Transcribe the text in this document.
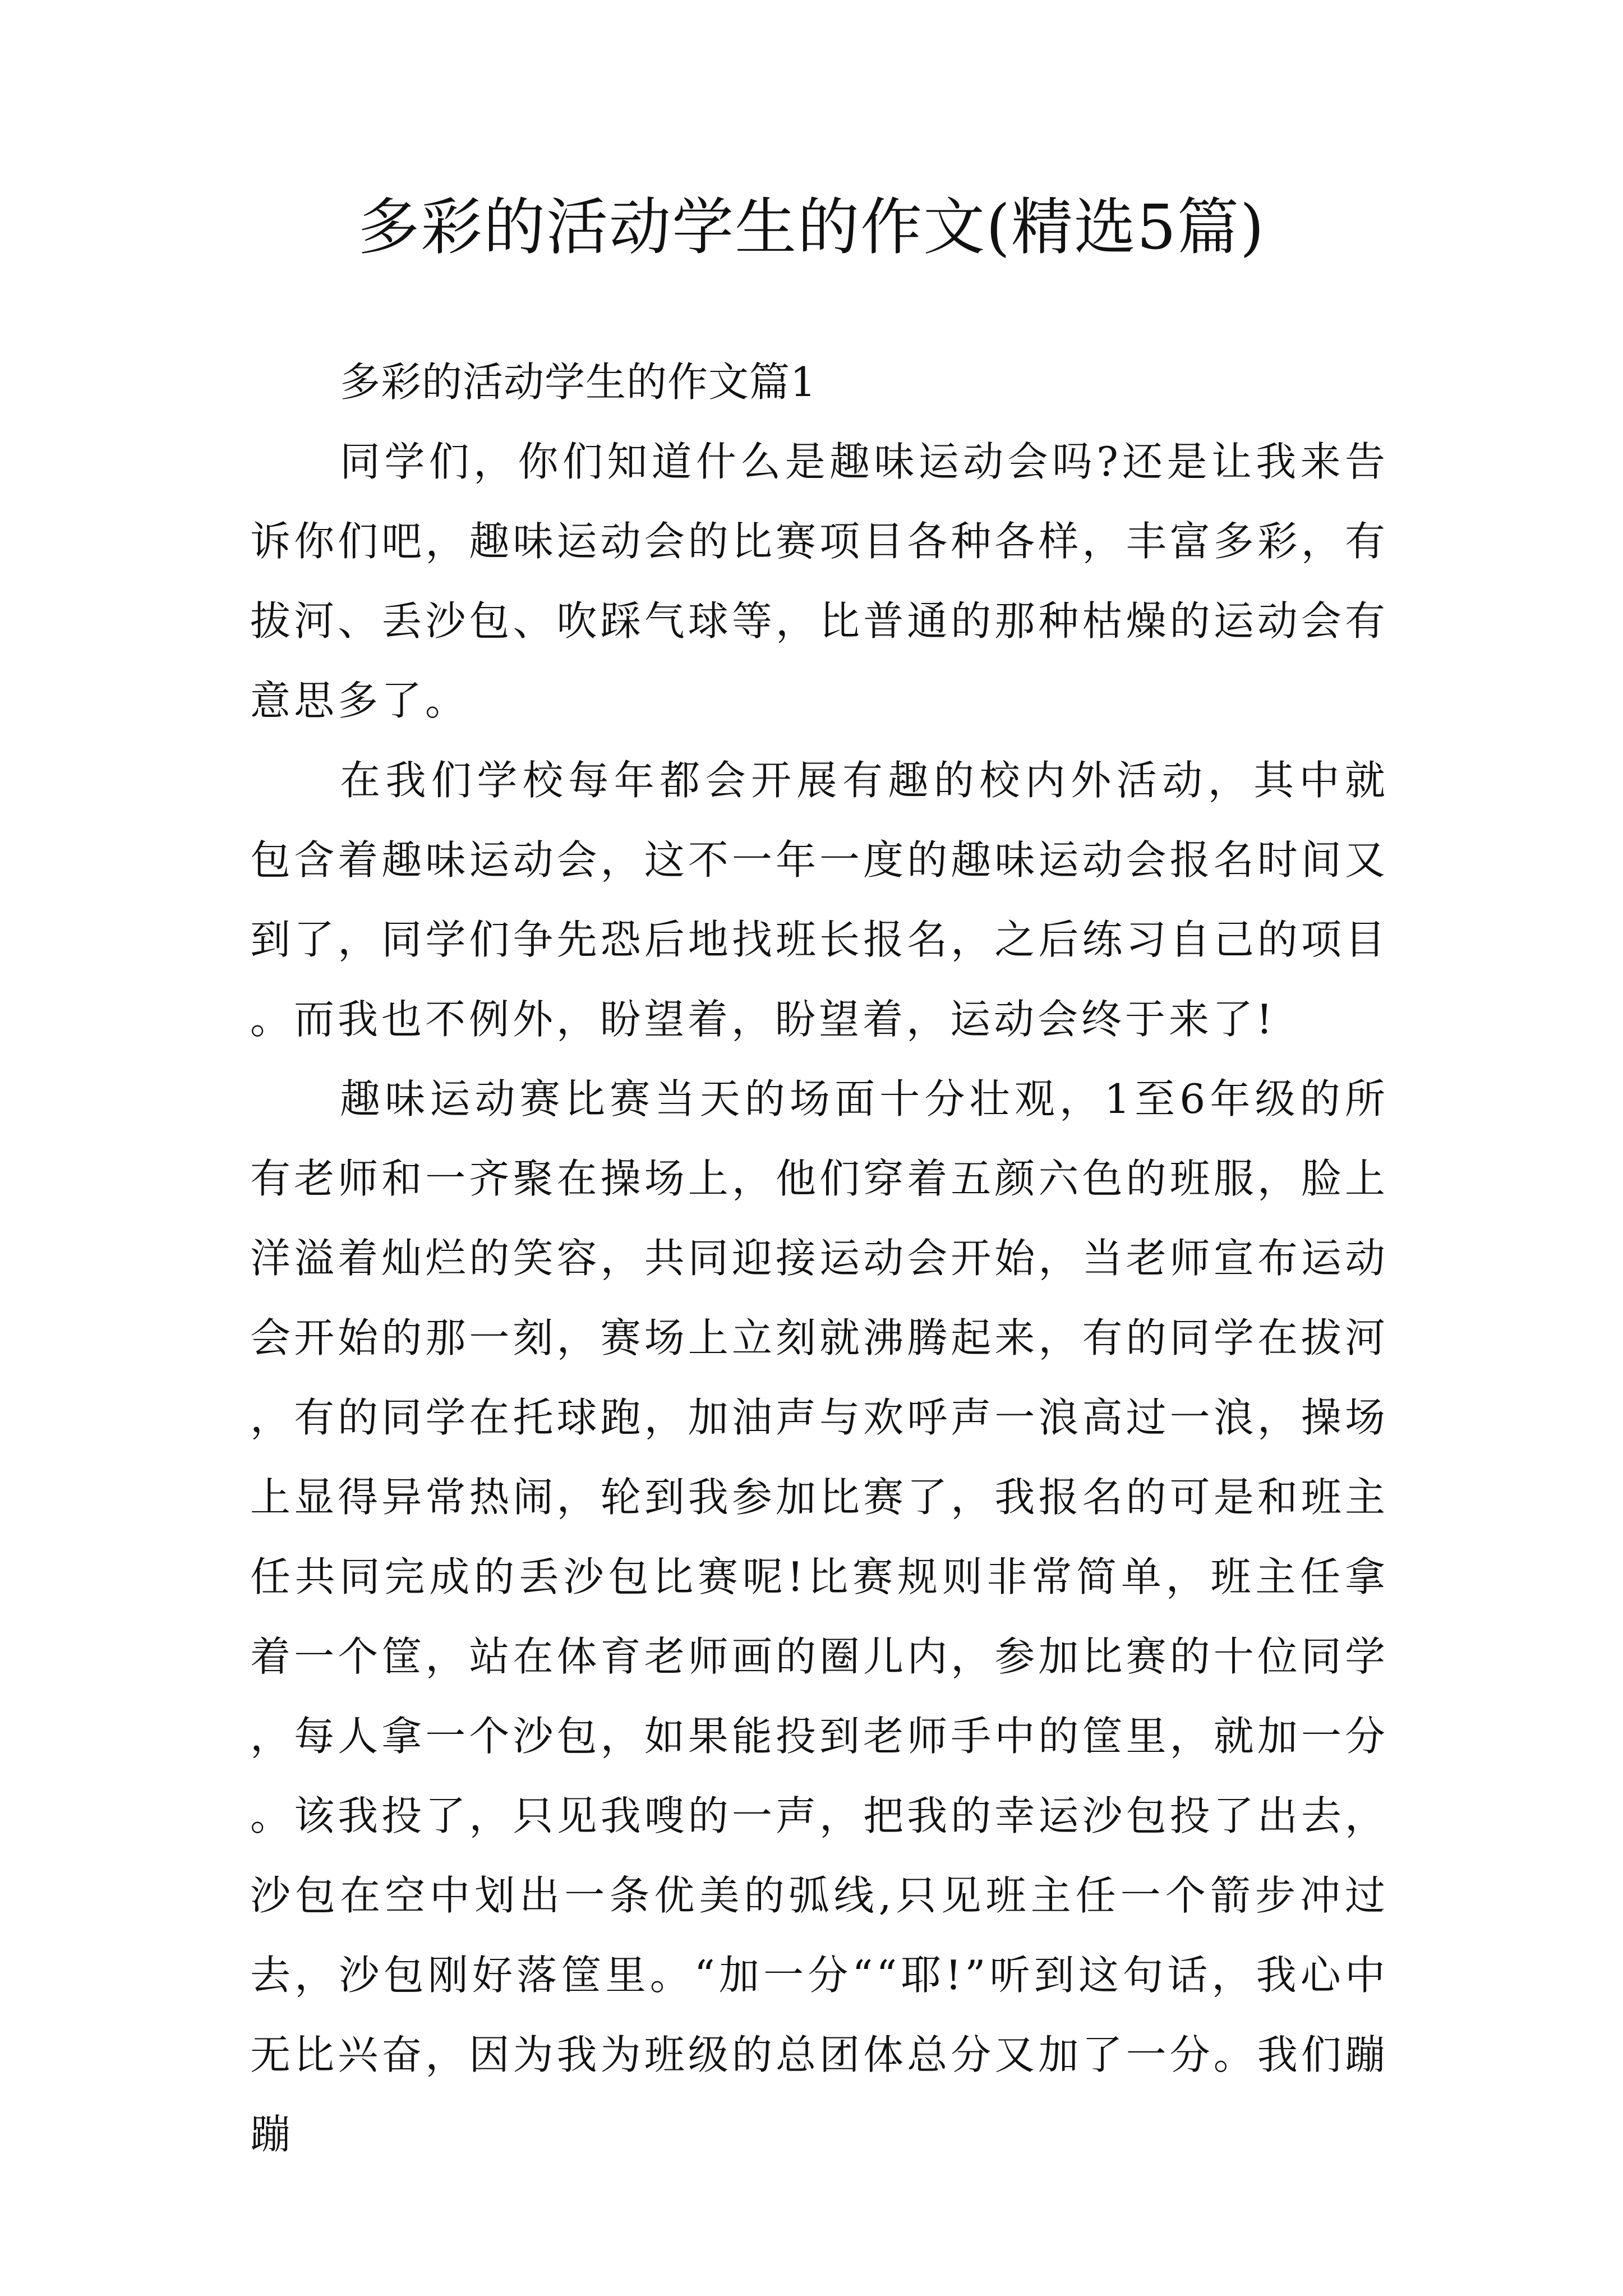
多彩的活动学生的作文(精选5篇)

多彩的活动学生的作文篇1

同学们，你们知道什么是趣味运动会吗?还是让我来告诉你们吧，趣味运动会的比赛项目各种各样，丰富多彩，有拔河、丢沙包、吹踩气球等，比普通的那种枯燥的运动会有意思多了。

在我们学校每年都会开展有趣的校内外活动，其中就包含着趣味运动会，这不一年一度的趣味运动会报名时间又到了，同学们争先恐后地找班长报名，之后练习自己的项目。而我也不例外，盼望着，盼望着，运动会终于来了!

趣味运动赛比赛当天的场面十分壮观，1至6年级的所有老师和一齐聚在操场上，他们穿着五颜六色的班服，脸上洋溢着灿烂的笑容，共同迎接运动会开始，当老师宣布运动会开始的那一刻，赛场上立刻就沸腾起来，有的同学在拔河，有的同学在托球跑，加油声与欢呼声一浪高过一浪，操场上显得异常热闹，轮到我参加比赛了，我报名的可是和班主任共同完成的丢沙包比赛呢!比赛规则非常简单，班主任拿着一个筐，站在体育老师画的圈儿内，参加比赛的十位同学，每人拿一个沙包，如果能投到老师手中的筐里，就加一分。该我投了，只见我嗖的一声，把我的幸运沙包投了出去，沙包在空中划出一条优美的弧线,只见班主任一个箭步冲过去，沙包刚好落筐里。“加一分““耶!”听到这句话，我心中无比兴奋，因为我为班级的总团体总分又加了一分。我们蹦蹦
